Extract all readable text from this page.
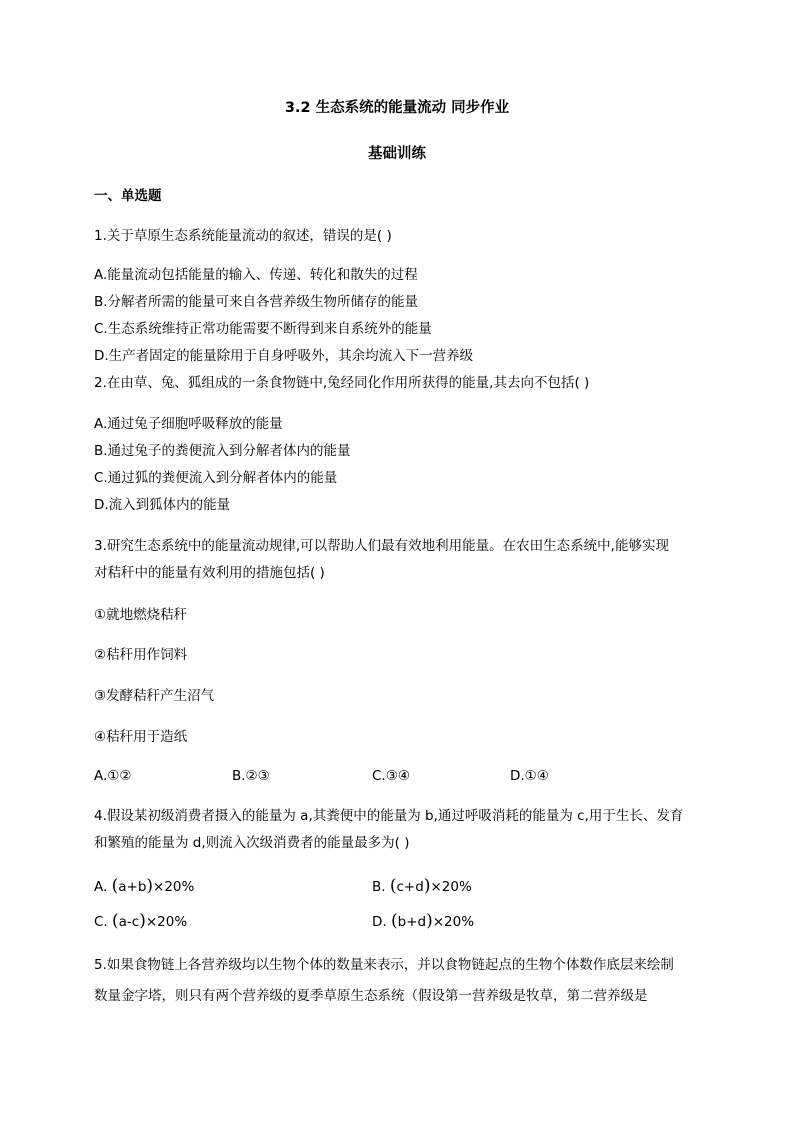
3.2 生态系统的能量流动 同步作业
基础训练
一、单选题
1.关于草原生态系统能量流动的叙述，错误的是( )
A.能量流动包括能量的输入、传递、转化和散失的过程
B.分解者所需的能量可来自各营养级生物所储存的能量
C.生态系统维持正常功能需要不断得到来自系统外的能量
D.生产者固定的能量除用于自身呼吸外，其余均流入下一营养级
2.在由草、兔、狐组成的一条食物链中,兔经同化作用所获得的能量,其去向不包括( )
A.通过兔子细胞呼吸释放的能量
B.通过兔子的粪便流入到分解者体内的能量
C.通过狐的粪便流入到分解者体内的能量
D.流入到狐体内的能量
3.研究生态系统中的能量流动规律,可以帮助人们最有效地利用能量。在农田生态系统中,能够实现
对秸秆中的能量有效利用的措施包括( )
①就地燃烧秸秆
②秸秆用作饲料
③发酵秸秆产生沼气
④秸秆用于造纸
A.①②	B.②③	C.③④	D.①④
4.假设某初级消费者摄入的能量为 a,其粪便中的能量为 b,通过呼吸消耗的能量为 c,用于生长、发育
和繁殖的能量为 d,则流入次级消费者的能量最多为( )
A. (a+b)×20%	B. (c+d)×20%
C. (a-c)×20%	D. (b+d)×20%
5.如果食物链上各营养级均以生物个体的数量来表示，并以食物链起点的生物个体数作底层来绘制
数量金字塔，则只有两个营养级的夏季草原生态系统（假设第一营养级是牧草，第二营养级是
